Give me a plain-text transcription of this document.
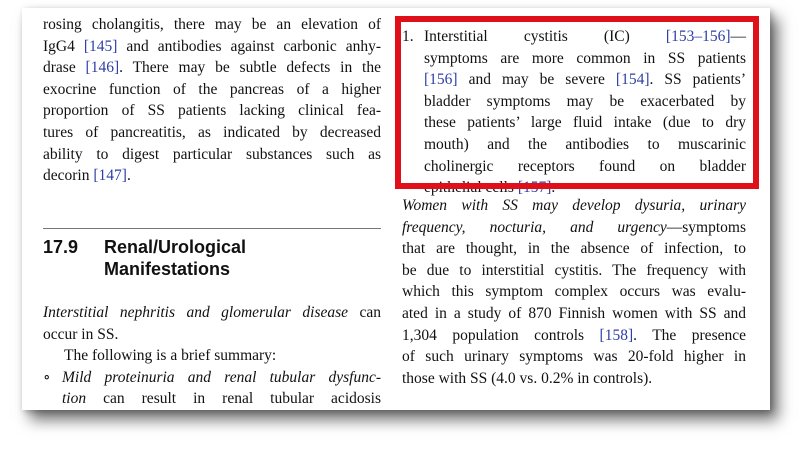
rosing cholangitis, there may be an elevation of
IgG4 [145] and antibodies against carbonic anhy-
drase [146]. There may be subtle defects in the
exocrine function of the pancreas of a higher
proportion of SS patients lacking clinical fea-
tures of pancreatitis, as indicated by decreased
ability to digest particular substances such as
decorin [147].
17.9 Renal/Urological
Manifestations
Interstitial nephritis and glomerular disease can
occur in SS.
The following is a brief summary:
∘ Mild proteinuria and renal tubular dysfunc-
tion can result in renal tubular acidosis
1. Interstitial cystitis (IC) [153–156]—
symptoms are more common in SS patients
[156] and may be severe [154]. SS patients’
bladder symptoms may be exacerbated by
these patients’ large fluid intake (due to dry
mouth) and the antibodies to muscarinic
cholinergic receptors found on bladder
epithelial cells [157].
Women with SS may develop dysuria, urinary
frequency, nocturia, and urgency—symptoms
that are thought, in the absence of infection, to
be due to interstitial cystitis. The frequency with
which this symptom complex occurs was evalu-
ated in a study of 870 Finnish women with SS and
1,304 population controls [158]. The presence
of such urinary symptoms was 20-fold higher in
those with SS (4.0 vs. 0.2% in controls).
